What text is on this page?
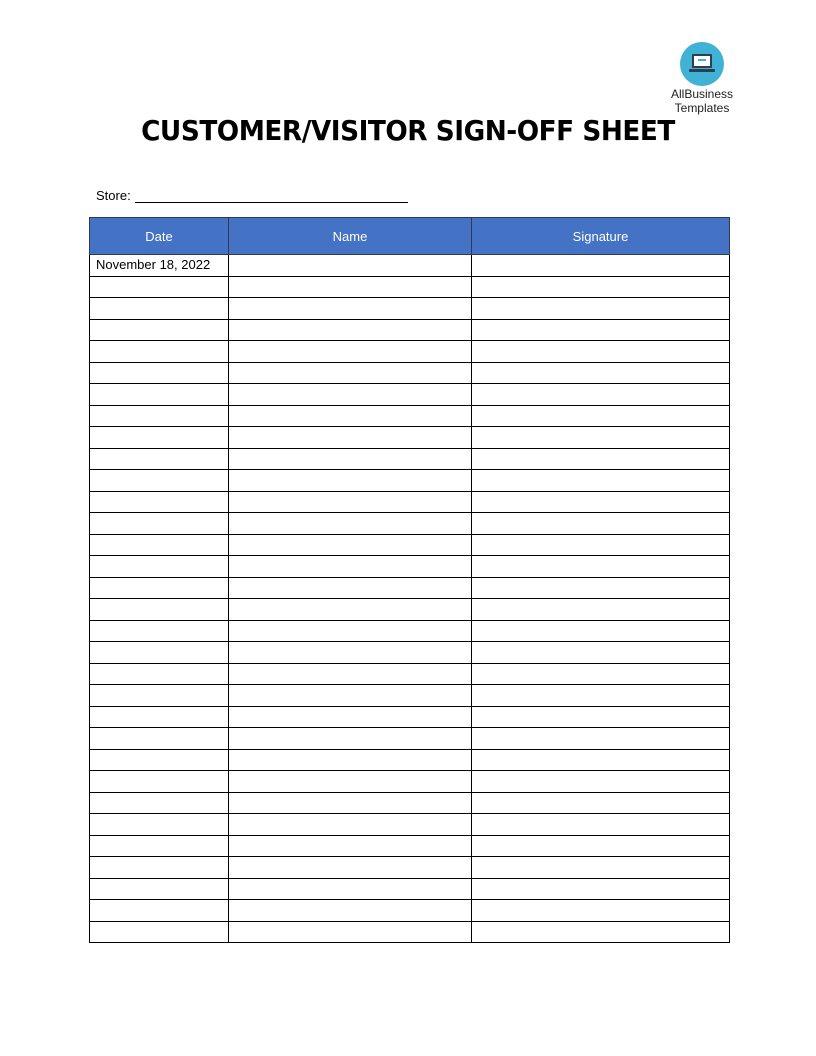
AllBusiness
Templates
CUSTOMER/VISITOR SIGN-OFF SHEET
Store:
Date	Name	Signature
November 18, 2022		
